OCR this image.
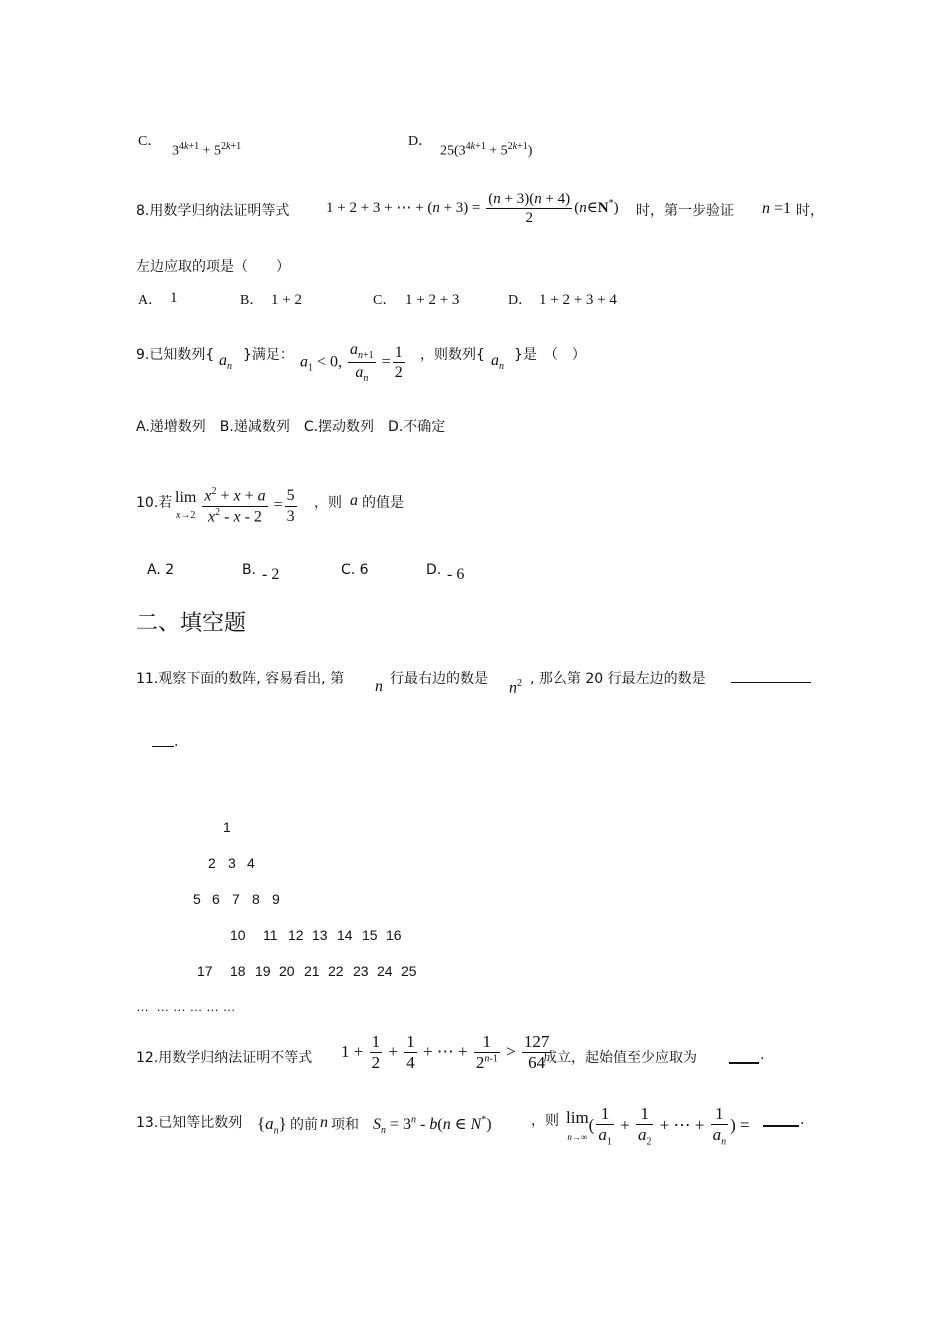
C．
$3^{4k+1} + 5^{2k+1}$	D．
$25(3^{4k+1} + 5^{2k+1})$
8.用数学归纳法证明等式 1 + 2 + 3 + ⋯ + $(n + 3) = \frac{(n + 3)(n + 4)}{2}$ (n∈N*) 时，第一步验证 n =1 时，
左边应取的项是（　　）
A． 1	B． 1 + 2	C． 1 + 2 + 3	D． 1 + 2 + 3 + 4
9.已知数列{ $a_n$
}满足： $a_1 < 0$, $\frac{a_{n+1}}{a_n} = \frac{1}{2}$ ，则数列{ $a_n$
}是　（　）
A.递增数列　B.递减数列　C.摆动数列　D.不确定
10.若 lim
$x\to 2 \frac{x^2 + x + a}{x^2 - x - 2} = \frac{5}{3}$ ，则 a 的值是
A. 2	B. - 2	C. 6	D. - 6
二、填空题
11.观察下面的数阵, 容易看出, 第 n 行最右边的数是
$n^2$ , 那么第 20 行最左边的数是
.
1
2 3 4
5 6 7 8 9
10 11 12 13 14 15 16
17 18 19 20 21 22 23 24 25
…  … … … … …
12.用数学归纳法证明不等式 $1 + \frac{1}{2} + \frac{1}{4}$ + ⋯ + $\frac{1}{2^{n-1}} > \frac{127}{64}$
成立，起始值至少应取为	.
13.已知等比数列 $\{a_n\}$ 的前 n 项和 $S_n = 3^n - b(n$ ∈ N*)	，则 lim
$n\to\infty( \frac{1}{a_1} + \frac{1}{a_2}$ + ⋯ + $\frac{1}{a_n}$ ) =	.
